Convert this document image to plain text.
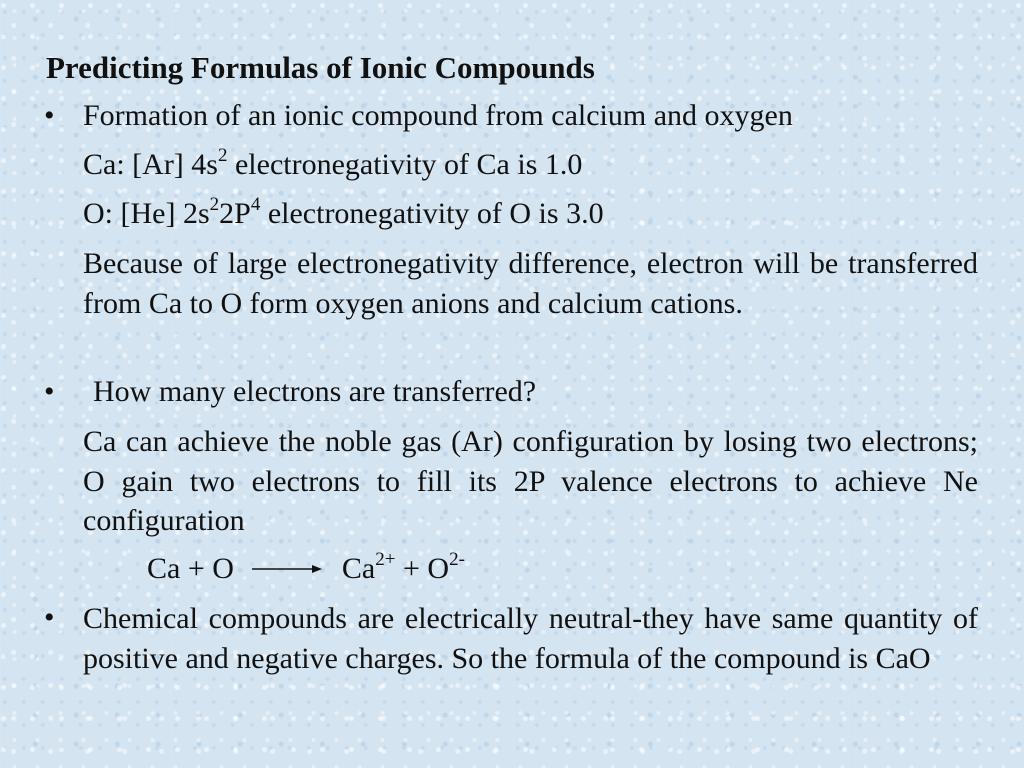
Predicting Formulas of Ionic Compounds
• Formation of an ionic compound from calcium and oxygen
Ca: [Ar] $4s^2$ electronegativity of Ca is 1.0
O: [He] $2s^22P^4$ electronegativity of O is 3.0
Because of large electronegativity difference, electron will be transferred from Ca to O form oxygen anions and calcium cations.
• How many electrons are transferred?
Ca can achieve the noble gas (Ar) configuration by losing two electrons; O gain two electrons to fill its 2P valence electrons to achieve Ne configuration
$Ca + O \to Ca^{2+} + O^{2-}$
• Chemical compounds are electrically neutral-they have same quantity of positive and negative charges. So the formula of the compound is CaO
